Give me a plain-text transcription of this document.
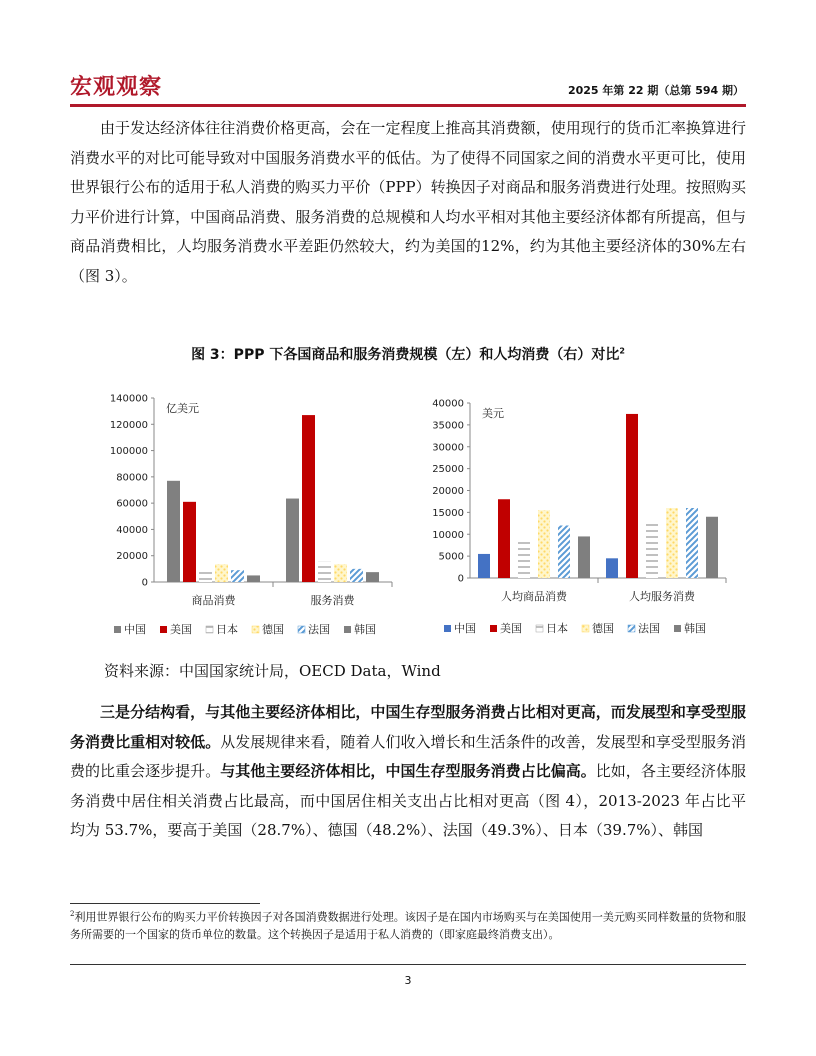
宏观观察	2025 年第 22 期（总第 594 期）

由于发达经济体往往消费价格更高，会在一定程度上推高其消费额，使用现行的货币汇率换算进行消费水平的对比可能导致对中国服务消费水平的低估。为了使得不同国家之间的消费水平更可比，使用世界银行公布的适用于私人消费的购买力平价（PPP）转换因子对商品和服务消费进行处理。按照购买力平价进行计算，中国商品消费、服务消费的总规模和人均水平相对其他主要经济体都有所提高，但与商品消费相比，人均服务消费水平差距仍然较大，约为美国的12%，约为其他主要经济体的30%左右（图 3）。

图 3：PPP 下各国商品和服务消费规模（左）和人均消费（右）对比$^2$
0
20000
40000
60000
80000
100000
120000
140000
亿美元
商品消费	服务消费
中国 美国 日本 德国 法国 韩国
0
5000
10000
15000
20000
25000
30000
35000
40000
美元
人均商品消费	人均服务消费
中国 美国 日本 德国 法国 韩国
资料来源：中国国家统计局，OECD Data，Wind

三是分结构看，与其他主要经济体相比，中国生存型服务消费占比相对更高，而发展型和享受型服务消费比重相对较低。从发展规律来看，随着人们收入增长和生活条件的改善，发展型和享受型服务消费的比重会逐步提升。与其他主要经济体相比，中国生存型服务消费占比偏高。比如，各主要经济体服务消费中居住相关消费占比最高，而中国居住相关支出占比相对更高（图 4），2013-2023 年占比平均为 53.7%，要高于美国（28.7%）、德国（48.2%）、法国（49.3%）、日本（39.7%）、韩国

$^2$利用世界银行公布的购买力平价转换因子对各国消费数据进行处理。该因子是在国内市场购买与在美国使用一美元购买同样数量的货物和服务所需要的一个国家的货币单位的数量。这个转换因子是适用于私人消费的（即家庭最终消费支出）。
3
